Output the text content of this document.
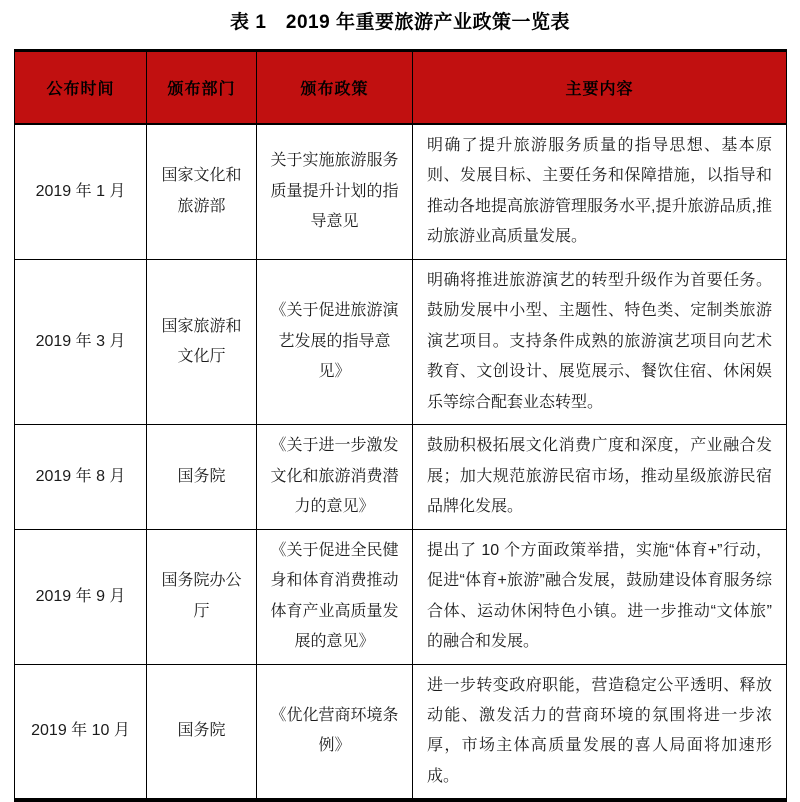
表 1　2019 年重要旅游产业政策一览表
公布时间	颁布部门	颁布政策	主要内容
2019 年 1 月	国家文化和旅游部	关于实施旅游服务质量提升计划的指导意见	明确了提升旅游服务质量的指导思想、基本原则、发展目标、主要任务和保障措施，以指导和推动各地提高旅游管理服务水平,提升旅游品质,推动旅游业高质量发展。
2019 年 3 月	国家旅游和文化厅	《关于促进旅游演艺发展的指导意见》	明确将推进旅游演艺的转型升级作为首要任务。鼓励发展中小型、主题性、特色类、定制类旅游演艺项目。支持条件成熟的旅游演艺项目向艺术教育、文创设计、展览展示、餐饮住宿、休闲娱乐等综合配套业态转型。
2019 年 8 月	国务院	《关于进一步激发文化和旅游消费潜力的意见》	鼓励积极拓展文化消费广度和深度，产业融合发展；加大规范旅游民宿市场，推动星级旅游民宿品牌化发展。
2019 年 9 月	国务院办公厅	《关于促进全民健身和体育消费推动体育产业高质量发展的意见》	提出了 10 个方面政策举措，实施“体育+”行动，促进“体育+旅游”融合发展，鼓励建设体育服务综合体、运动休闲特色小镇。进一步推动“文体旅”的融合和发展。
2019 年 10 月	国务院	《优化营商环境条例》	进一步转变政府职能，营造稳定公平透明、释放动能、激发活力的营商环境的氛围将进一步浓厚，市场主体高质量发展的喜人局面将加速形成。
